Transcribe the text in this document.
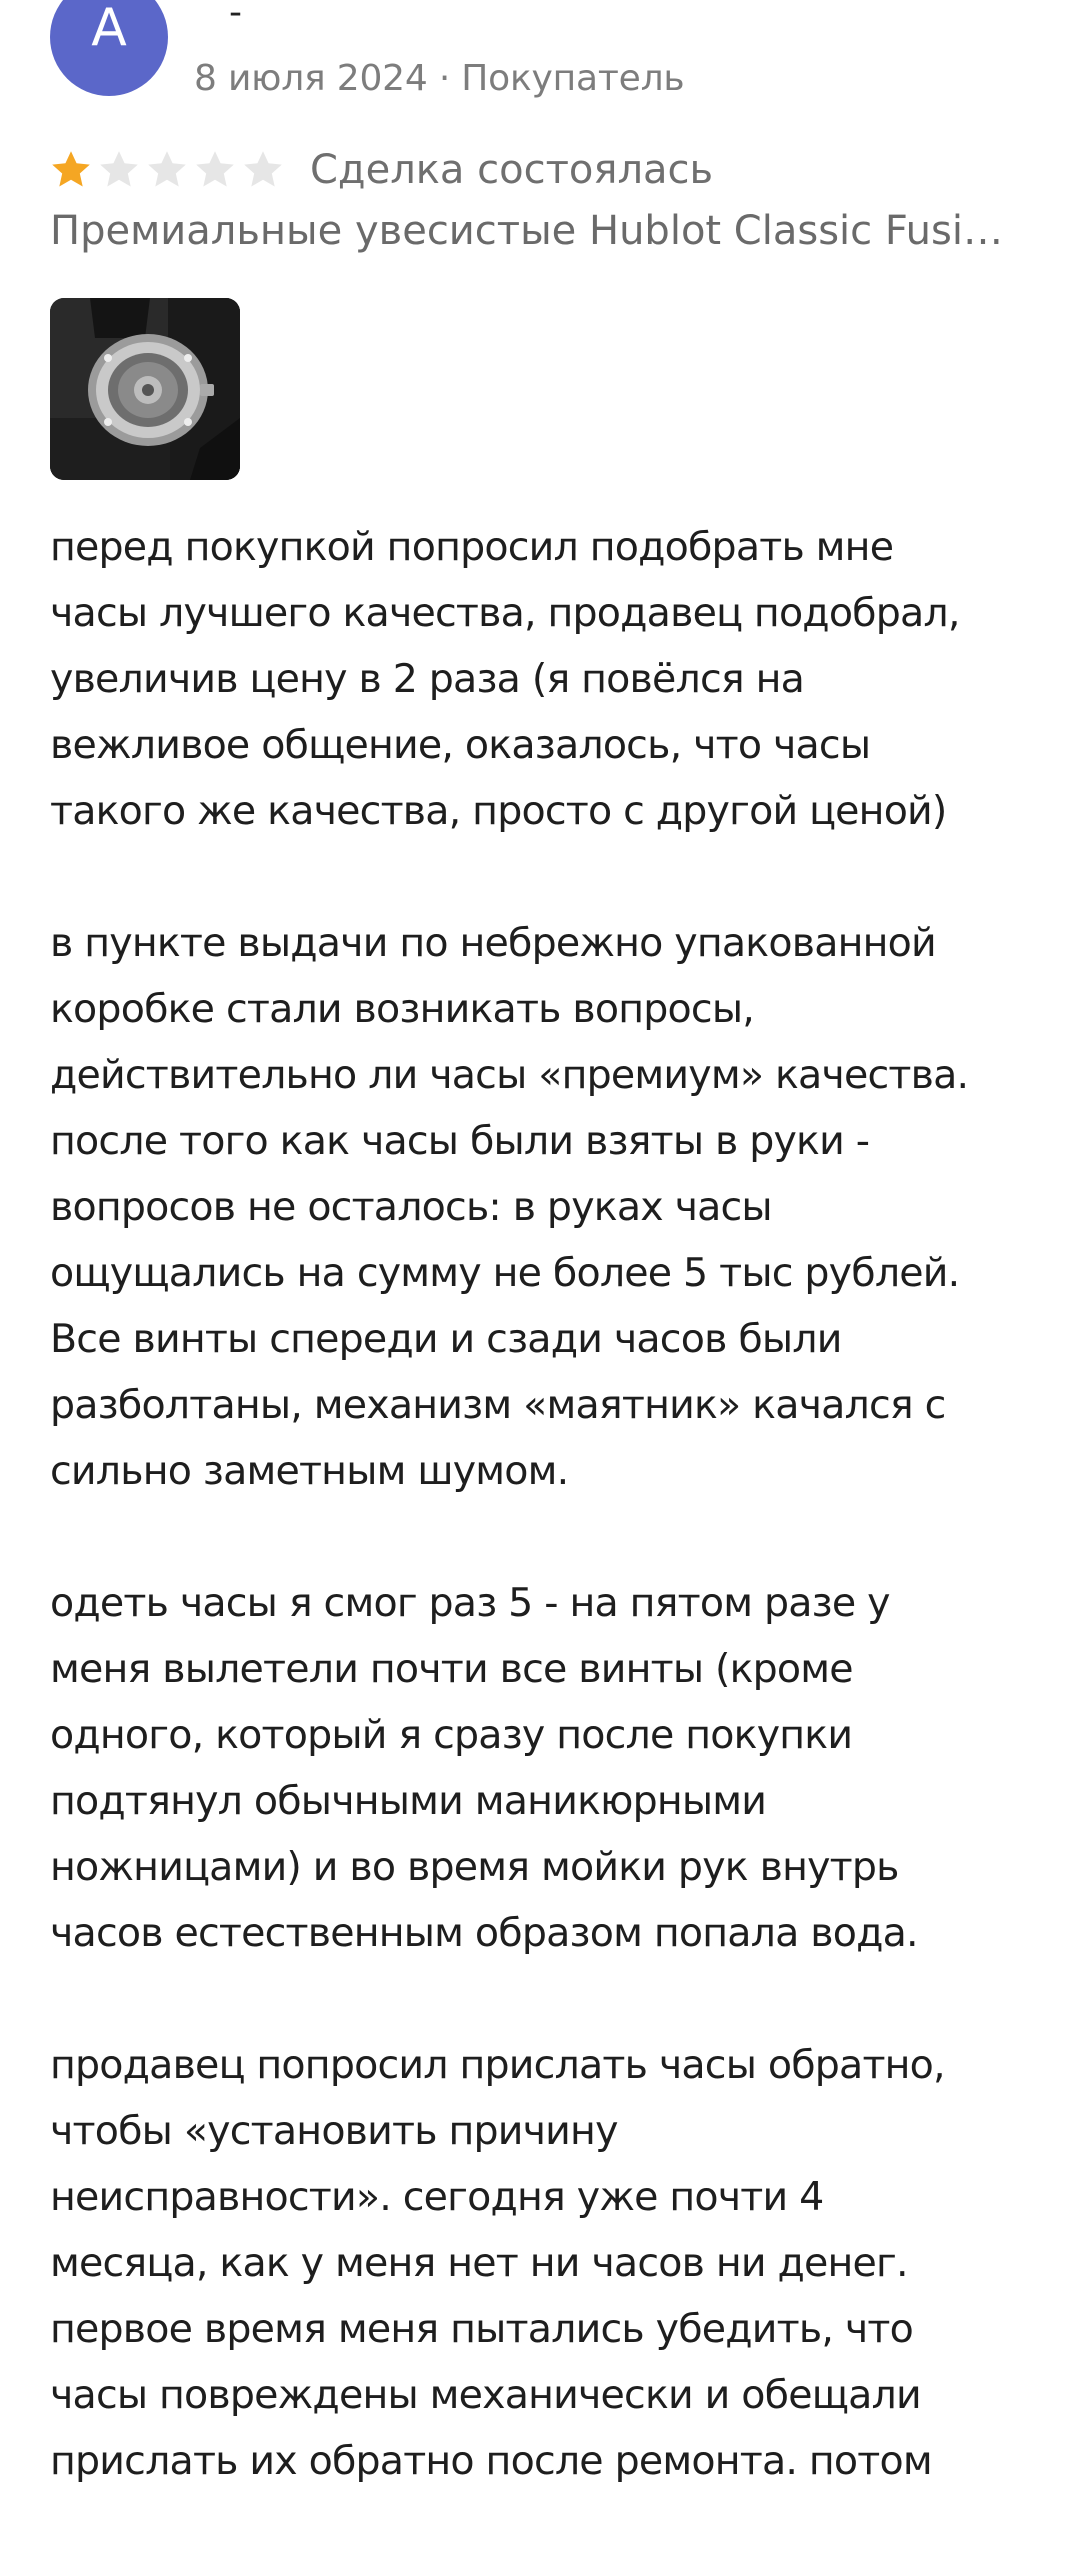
A	-
8 июля 2024 · Покупатель
Сделка состоялась
Премиальные увесистые Hublot Classic Fusi…
перед покупкой попросил подобрать мне
часы лучшего качества, продавец подобрал,
увеличив цену в 2 раза (я повёлся на
вежливое общение, оказалось, что часы
такого же качества, просто с другой ценой)
в пункте выдачи по небрежно упакованной
коробке стали возникать вопросы,
действительно ли часы «премиум» качества.
после того как часы были взяты в руки -
вопросов не осталось: в руках часы
ощущались на сумму не более 5 тыс рублей.
Все винты спереди и сзади часов были
разболтаны, механизм «маятник» качался с
сильно заметным шумом.
одеть часы я смог раз 5 - на пятом разе у
меня вылетели почти все винты (кроме
одного, который я сразу после покупки
подтянул обычными маникюрными
ножницами) и во время мойки рук внутрь
часов естественным образом попала вода.
продавец попросил прислать часы обратно,
чтобы «установить причину
неисправности». сегодня уже почти 4
месяца, как у меня нет ни часов ни денег.
первое время меня пытались убедить, что
часы повреждены механически и обещали
прислать их обратно после ремонта. потом
